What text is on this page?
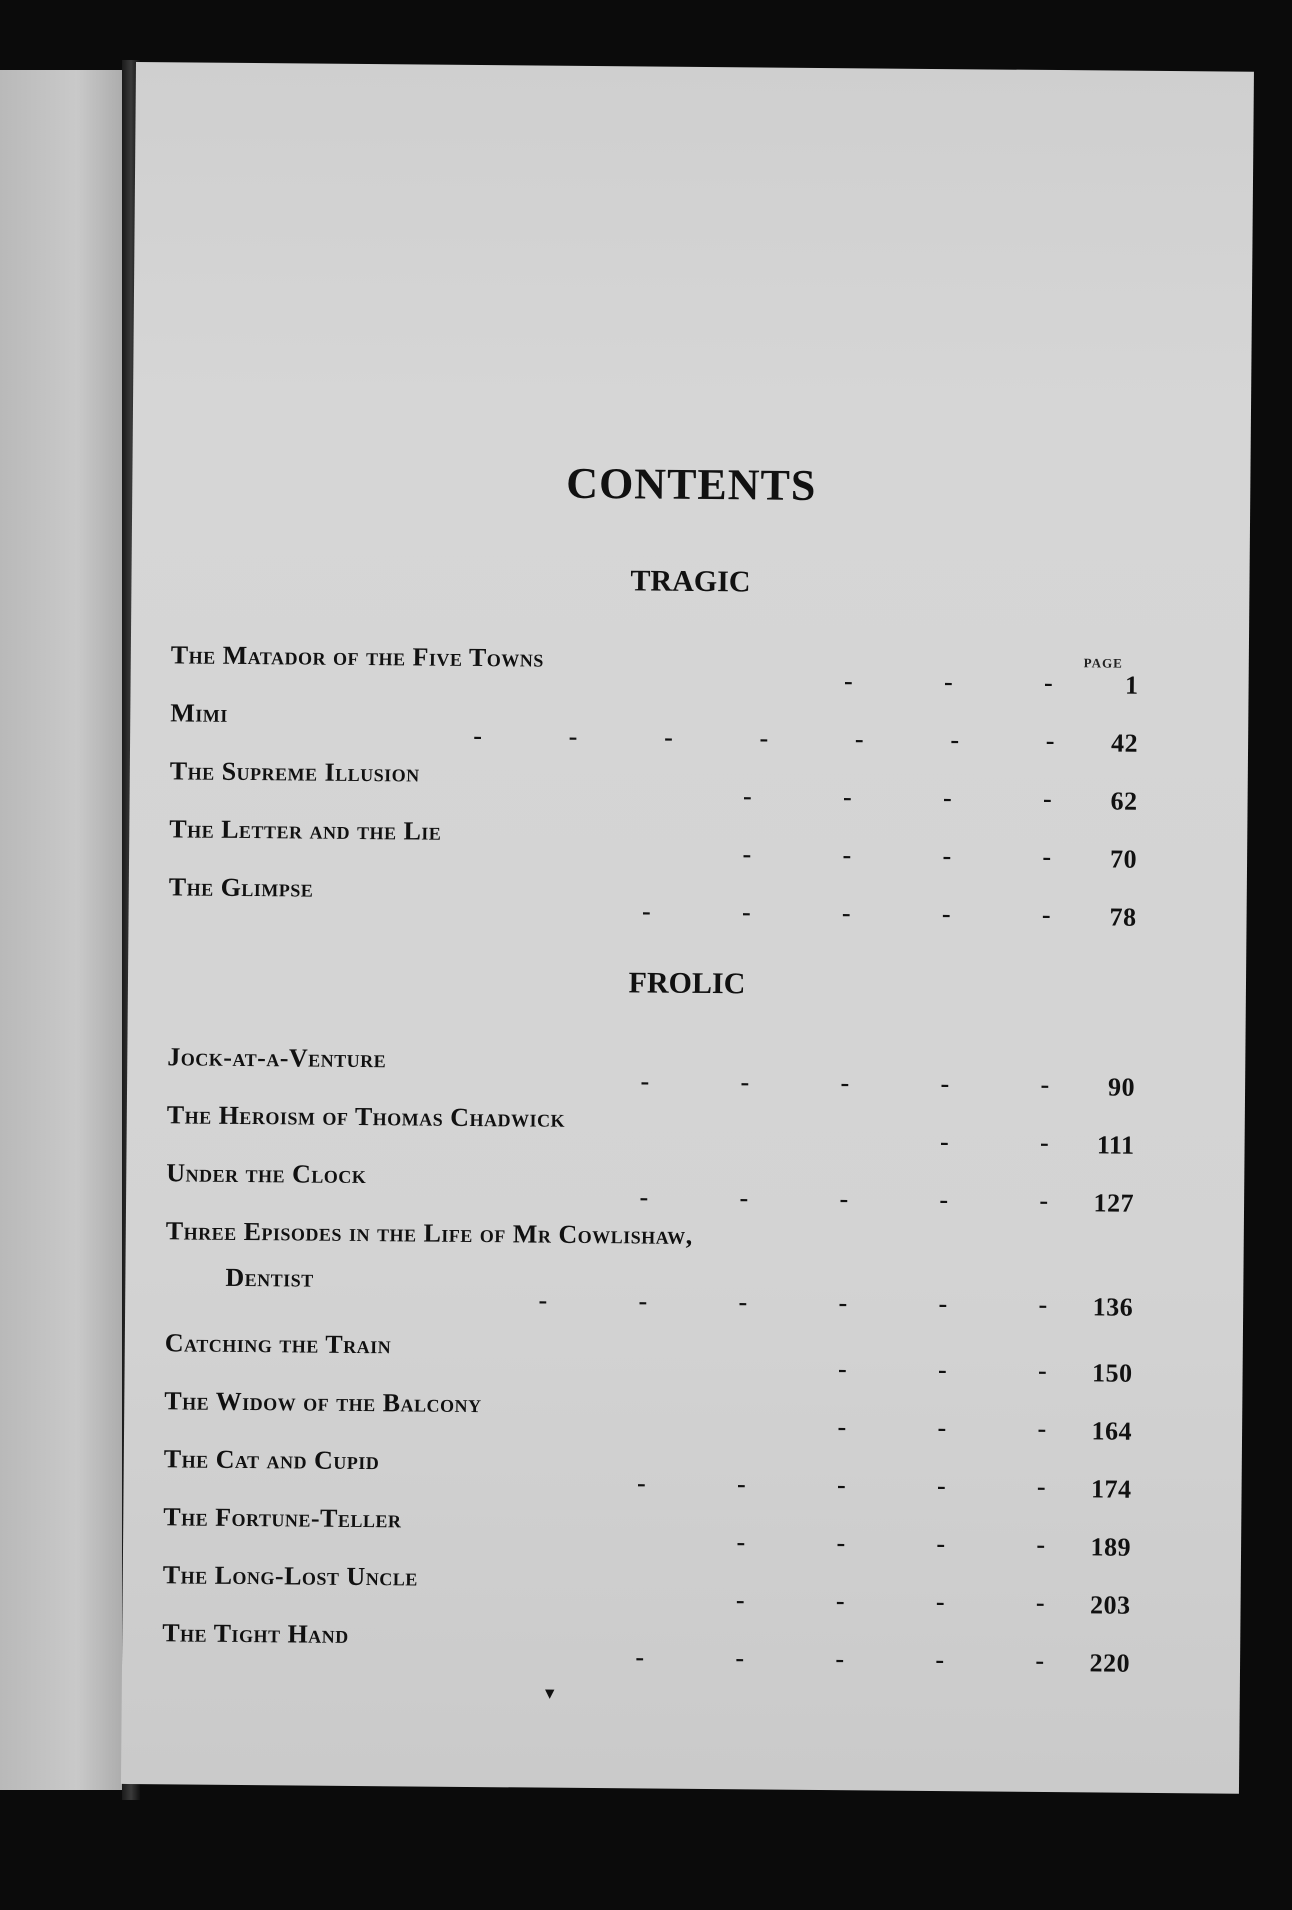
CONTENTS
TRAGIC
PAGE
The Matador of the Five Towns
-	-	-	1
Mimi
-	-	-	-	-	-	-	42
The Supreme Illusion
-	-	-	-	62
The Letter and the Lie
-	-	-	-	70
The Glimpse
-	-	-	-	-	78
FROLIC
Jock-at-a-Venture
-	-	-	-	-	90
The Heroism of Thomas Chadwick
-	-	111
Under the Clock
-	-	-	-	-	127
Three Episodes in the Life of Mr Cowlishaw,
Dentist
-	-	-	-	-	-	136
Catching the Train
-	-	-	150
The Widow of the Balcony
-	-	-	164
The Cat and Cupid
-	-	-	-	-	174
The Fortune-Teller
-	-	-	-	189
The Long-Lost Uncle
-	-	-	-	203
The Tight Hand
-	-	-	-	-	220
▼
